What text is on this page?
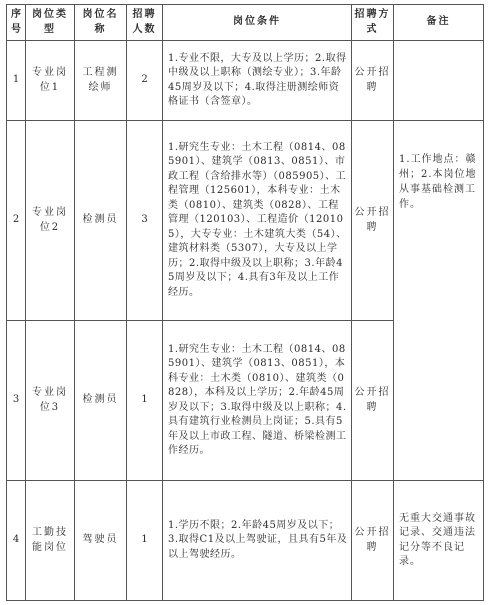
序号	岗位类型	岗位名称	招聘人数	岗位条件	招聘方式	备注
1	专业岗位1	工程测绘师	2	1.专业不限，大专及以上学历；2.取得中级及以上职称（测绘专业）；3.年龄45周岁及以下；4.取得注册测绘师资格证书（含签章）。	公开招聘	
2	专业岗位2	检测员	3	1.研究生专业：土木工程（0814、085901）、建筑学（0813、0851）、市政工程（含给排水等）（085905）、工程管理（125601），本科专业：土木类（0810）、建筑类（0828）、工程管理（120103）、工程造价（120105），大专专业：土木建筑大类（54）、建筑材料类（5307），大专及以上学历；2.取得中级及以上职称；3.年龄45周岁及以下；4.具有3年及以上工作经历。	公开招聘	1.工作地点：赣州；2.本岗位地从事基础检测工作。

3	专业岗位3	检测员	1	1.研究生专业：土木工程（0814、085901）、建筑学（0813、0851），本科专业：土木类（0810）、建筑类（0828），本科及以上学历；2.年龄45周岁及以下；3.取得中级及以上职称；4.具有建筑行业检测员上岗证；5.具有5年及以上市政工程、隧道、桥梁检测工作经历。	公开招聘	
4	工勤技能岗位	驾驶员	1	1.学历不限；2.年龄45周岁及以下；3.取得C1及以上驾驶证，且具有5年及以上驾驶经历。	公开招聘	无重大交通事故记录、交通违法记分等不良记录。
